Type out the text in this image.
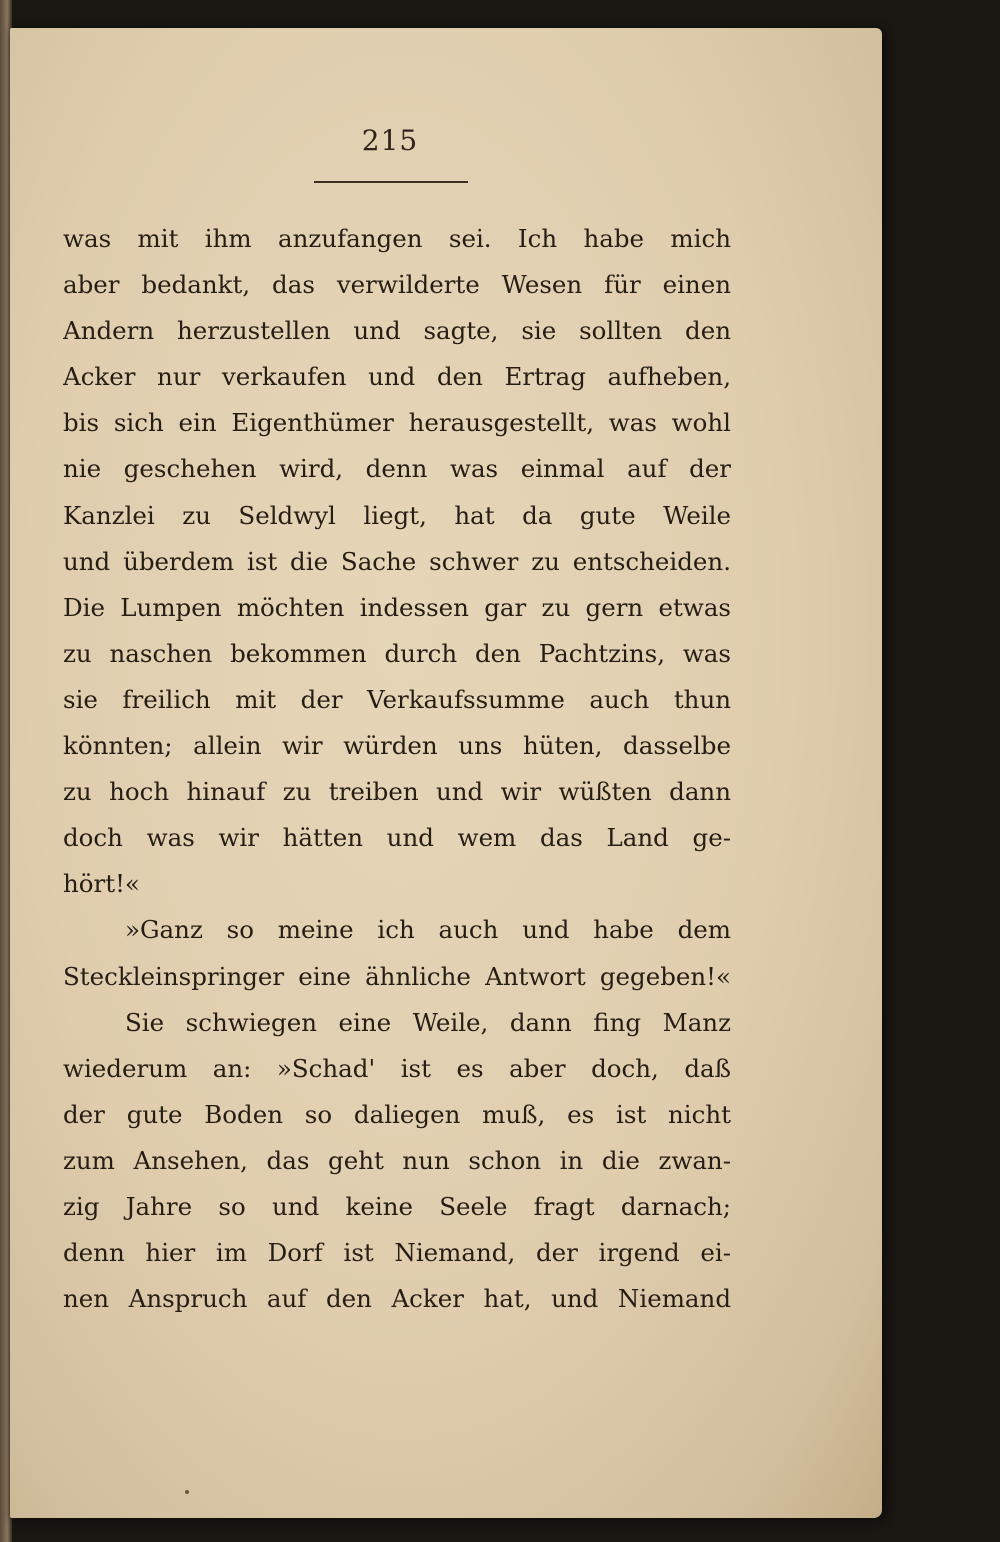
215
was mit ihm anzufangen sei. Ich habe mich
aber bedankt, das verwilderte Wesen für einen
Andern herzustellen und sagte, sie sollten den
Acker nur verkaufen und den Ertrag aufheben,
bis sich ein Eigenthümer herausgestellt, was wohl
nie geschehen wird, denn was einmal auf der
Kanzlei zu Seldwyl liegt, hat da gute Weile
und überdem ist die Sache schwer zu entscheiden.
Die Lumpen möchten indessen gar zu gern etwas
zu naschen bekommen durch den Pachtzins, was
sie freilich mit der Verkaufssumme auch thun
könnten; allein wir würden uns hüten, dasselbe
zu hoch hinauf zu treiben und wir wüßten dann
doch was wir hätten und wem das Land ge-
hört!«
»Ganz so meine ich auch und habe dem
Steckleinspringer eine ähnliche Antwort gegeben!«
Sie schwiegen eine Weile, dann fing Manz
wiederum an: »Schad' ist es aber doch, daß
der gute Boden so daliegen muß, es ist nicht
zum Ansehen, das geht nun schon in die zwan-
zig Jahre so und keine Seele fragt darnach;
denn hier im Dorf ist Niemand, der irgend ei-
nen Anspruch auf den Acker hat, und Niemand
